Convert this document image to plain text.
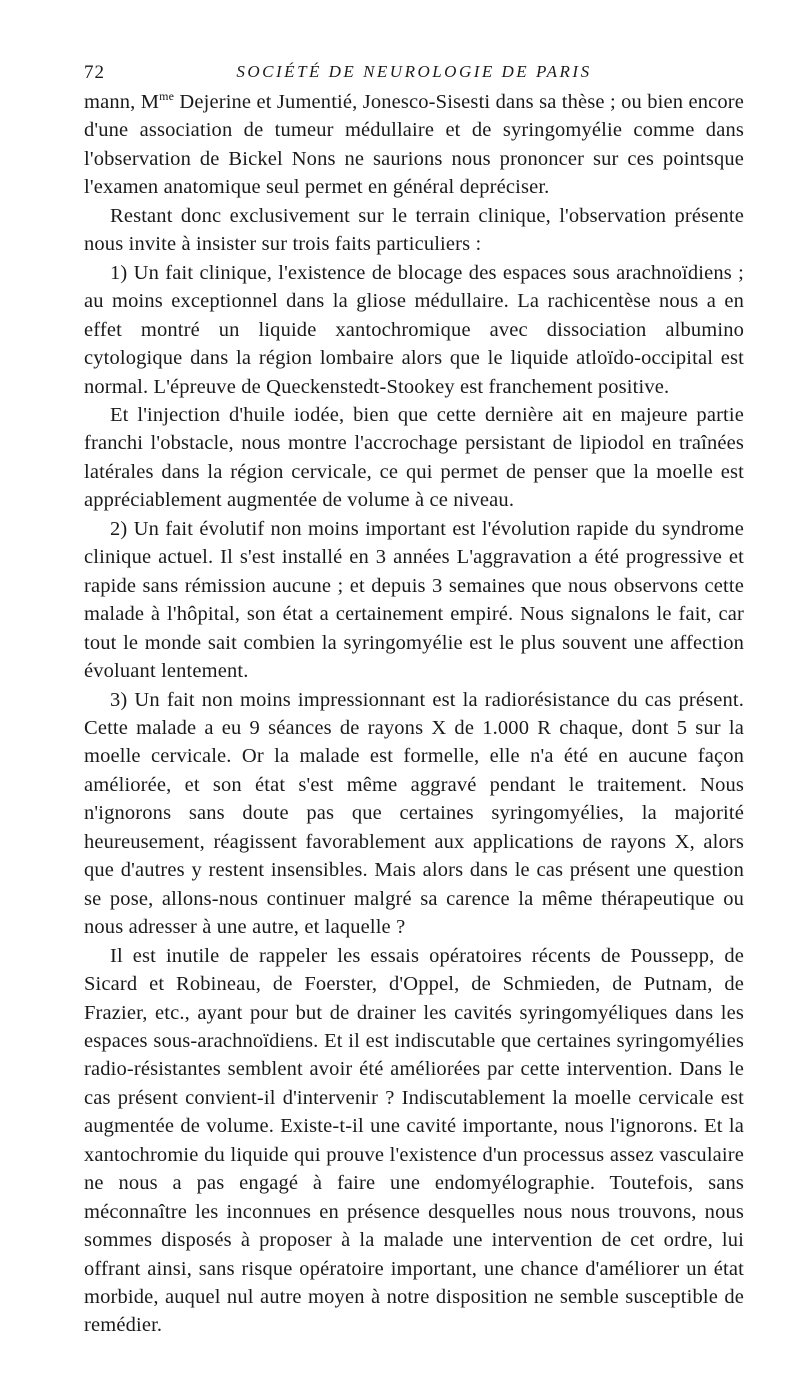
72	SOCIÉTÉ DE NEUROLOGIE DE PARIS

mann, $M^{me}$ Dejerine et Jumentié, Jonesco-Sisesti dans sa thèse ; ou bien encore d'une association de tumeur médullaire et de syringomyélie comme dans l'observation de Bickel Nons ne saurions nous prononcer sur ces pointsque l'examen anatomique seul permet en général depréciser.

Restant donc exclusivement sur le terrain clinique, l'observation présente nous invite à insister sur trois faits particuliers :

1) Un fait clinique, l'existence de blocage des espaces sous arachnoïdiens ; au moins exceptionnel dans la gliose médullaire. La rachicentèse nous a en effet montré un liquide xantochromique avec dissociation albumino cytologique dans la région lombaire alors que le liquide atloïdo-occipital est normal. L'épreuve de Queckenstedt-Stookey est franchement positive.

Et l'injection d'huile iodée, bien que cette dernière ait en majeure partie franchi l'obstacle, nous montre l'accrochage persistant de lipiodol en traînées latérales dans la région cervicale, ce qui permet de penser que la moelle est appréciablement augmentée de volume à ce niveau.

2) Un fait évolutif non moins important est l'évolution rapide du syndrome clinique actuel. Il s'est installé en 3 années L'aggravation a été progressive et rapide sans rémission aucune ; et depuis 3 semaines que nous observons cette malade à l'hôpital, son état a certainement empiré. Nous signalons le fait, car tout le monde sait combien la syringomyélie est le plus souvent une affection évoluant lentement.

3) Un fait non moins impressionnant est la radiorésistance du cas présent. Cette malade a eu 9 séances de rayons X de 1.000 R chaque, dont 5 sur la moelle cervicale. Or la malade est formelle, elle n'a été en aucune façon améliorée, et son état s'est même aggravé pendant le traitement. Nous n'ignorons sans doute pas que certaines syringomyélies, la majorité heureusement, réagissent favorablement aux applications de rayons X, alors que d'autres y restent insensibles. Mais alors dans le cas présent une question se pose, allons-nous continuer malgré sa carence la même thérapeutique ou nous adresser à une autre, et laquelle ?

Il est inutile de rappeler les essais opératoires récents de Poussepp, de Sicard et Robineau, de Foerster, d'Oppel, de Schmieden, de Putnam, de Frazier, etc., ayant pour but de drainer les cavités syringomyéliques dans les espaces sous-arachnoïdiens. Et il est indiscutable que certaines syringomyélies radio-résistantes semblent avoir été améliorées par cette intervention. Dans le cas présent convient-il d'intervenir ? Indiscutablement la moelle cervicale est augmentée de volume. Existe-t-il une cavité importante, nous l'ignorons. Et la xantochromie du liquide qui prouve l'existence d'un processus assez vasculaire ne nous a pas engagé à faire une endomyélographie. Toutefois, sans méconnaître les inconnues en présence desquelles nous nous trouvons, nous sommes disposés à proposer à la malade une intervention de cet ordre, lui offrant ainsi, sans risque opératoire important, une chance d'améliorer un état morbide, auquel nul autre moyen à notre disposition ne semble susceptible de remédier.
